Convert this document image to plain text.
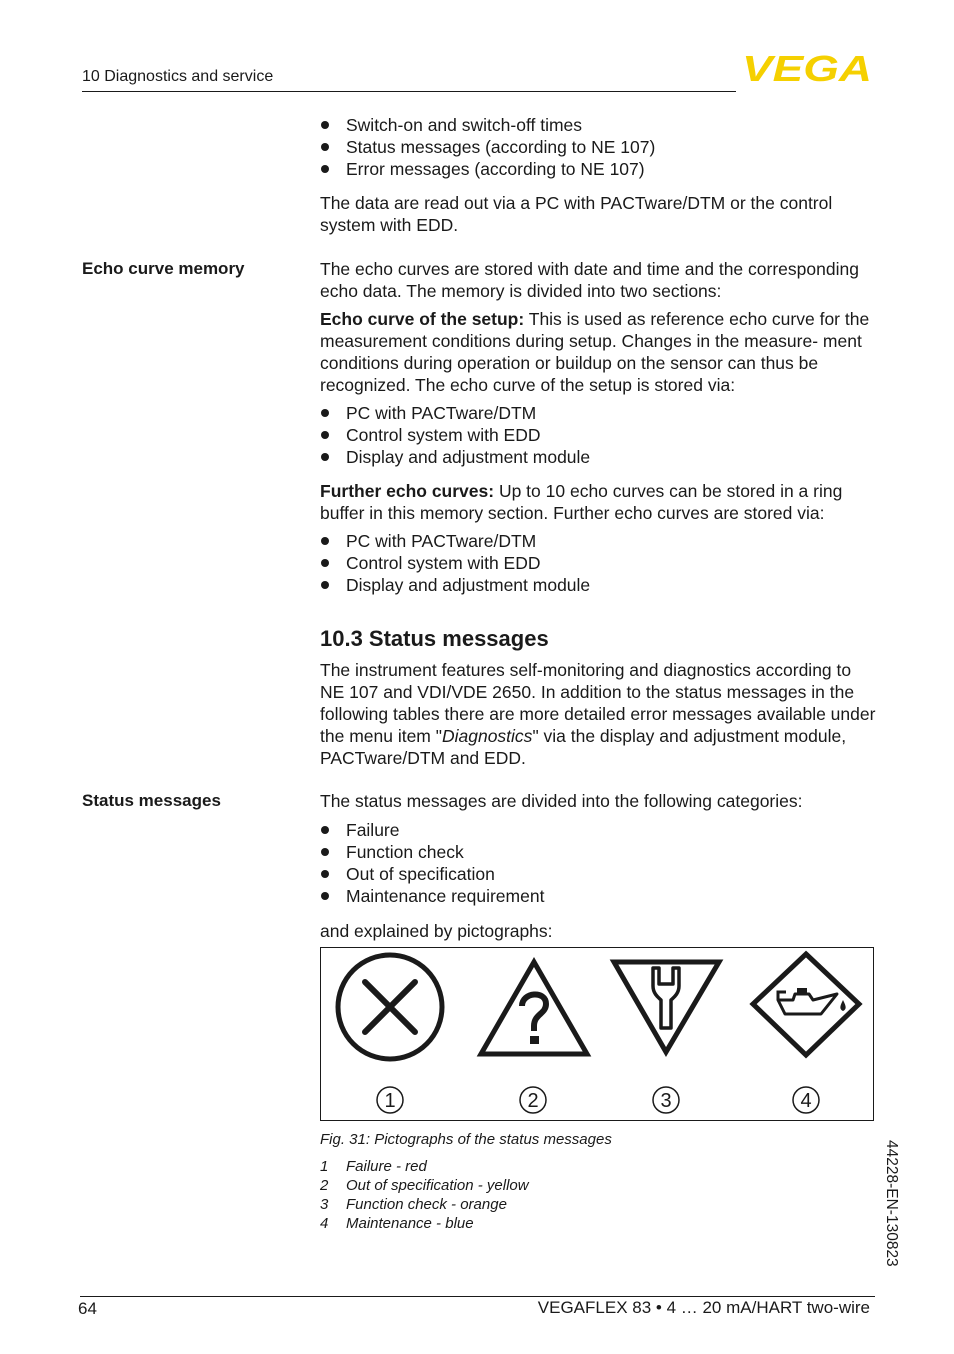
10 Diagnostics and service	VEGA
Switch-on and switch-off times
Status messages (according to NE 107)
Error messages (according to NE 107)

The data are read out via a PC with PACTware/DTM or the control system with EDD.

Echo curve memory	The echo curves are stored with date and time and the corresponding echo data. The memory is divided into two sections:

Echo curve of the setup: This is used as reference echo curve for the measurement conditions during setup. Changes in the measure- ment conditions during operation or buildup on the sensor can thus be recognized. The echo curve of the setup is stored via:

PC with PACTware/DTM
Control system with EDD
Display and adjustment module

Further echo curves: Up to 10 echo curves can be stored in a ring buffer in this memory section. Further echo curves are stored via:

PC with PACTware/DTM
Control system with EDD
Display and adjustment module
10.3 Status messages

The instrument features self-monitoring and diagnostics according to NE 107 and VDI/VDE 2650. In addition to the status messages in the following tables there are more detailed error messages available under the menu item "Diagnostics" via the display and adjustment module, PACTware/DTM and EDD.

Status messages	The status messages are divided into the following categories:

Failure
Function check
Out of specification
Maintenance requirement

and explained by pictographs:

1	2	3	4
Fig. 31: Pictographs of the status messages
1 Failure - red
2 Out of specification - yellow
3 Function check - orange
4 Maintenance - blue	44228-EN-130823
64	VEGAFLEX 83 • 4 … 20 mA/HART two-wire
